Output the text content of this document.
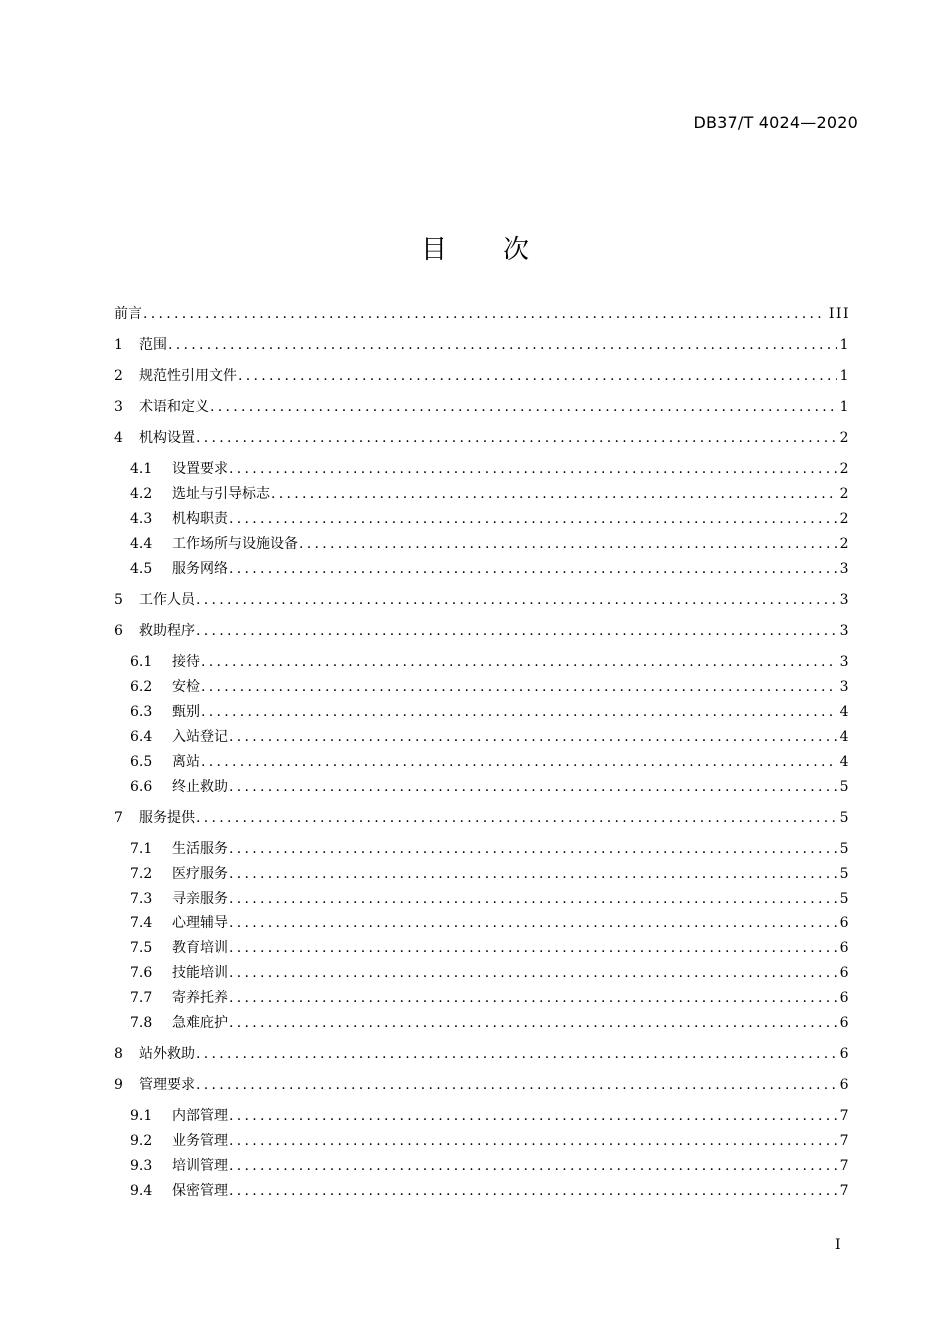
DB37/T 4024—2020
目次
前言 .....	III
1	范围 .....	1
2	规范性引用文件 .....	1
3	术语和定义 .....	1
4	机构设置 .....	2
4.1	设置要求 .....	2
4.2	选址与引导标志 .....	2
4.3	机构职责 .....	2
4.4	工作场所与设施设备 .....	2
4.5	服务网络 .....	3
5	工作人员 .....	3
6	救助程序 .....	3
6.1	接待 .....	3
6.2	安检 .....	3
6.3	甄别 .....	4
6.4	入站登记 .....	4
6.5	离站 .....	4
6.6	终止救助 .....	5
7	服务提供 .....	5
7.1	生活服务 .....	5
7.2	医疗服务 .....	5
7.3	寻亲服务 .....	5
7.4	心理辅导 .....	6
7.5	教育培训 .....	6
7.6	技能培训 .....	6
7.7	寄养托养 .....	6
7.8	急难庇护 .....	6
8	站外救助 .....	6
9	管理要求 .....	6
9.1	内部管理 .....	7
9.2	业务管理 .....	7
9.3	培训管理 .....	7
9.4	保密管理 .....	7
I
